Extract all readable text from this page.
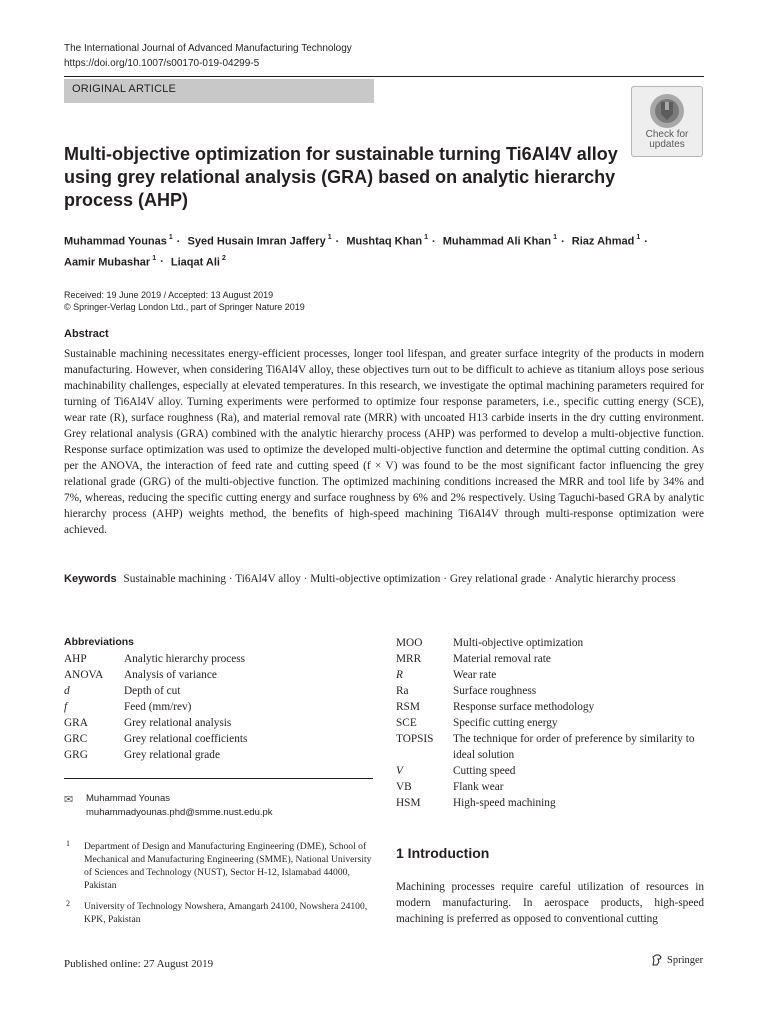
The International Journal of Advanced Manufacturing Technology
https://doi.org/10.1007/s00170-019-04299-5
ORIGINAL ARTICLE
Check for
updates
Multi-objective optimization for sustainable turning Ti6Al4V alloy using grey relational analysis (GRA) based on analytic hierarchy process (AHP)
Muhammad Younas $^1$ · Syed Husain Imran Jaffery $^1$ · Mushtaq Khan $^1$ · Muhammad Ali Khan $^1$ · Riaz Ahmad $^1$ ·
Aamir Mubashar $^1$ · Liaqat Ali $^2$
Received: 19 June 2019 / Accepted: 13 August 2019
© Springer-Verlag London Ltd., part of Springer Nature 2019
Abstract

Sustainable machining necessitates energy-efficient processes, longer tool lifespan, and greater surface integrity of the products in modern manufacturing. However, when considering Ti6Al4V alloy, these objectives turn out to be difficult to achieve as titanium alloys pose serious machinability challenges, especially at elevated temperatures. In this research, we investigate the optimal machining parameters required for turning of Ti6Al4V alloy. Turning experiments were performed to optimize four response parameters, i.e., specific cutting energy (SCE), wear rate (R), surface roughness (Ra), and material removal rate (MRR) with uncoated H13 carbide inserts in the dry cutting environment. Grey relational analysis (GRA) combined with the analytic hierarchy process (AHP) was performed to develop a multi-objective function. Response surface optimization was used to optimize the developed multi-objective function and determine the optimal cutting condition. As per the ANOVA, the interaction of feed rate and cutting speed (f × V) was found to be the most significant factor influencing the grey relational grade (GRG) of the multi-objective function. The optimized machining conditions increased the MRR and tool life by 34% and 7%, whereas, reducing the specific cutting energy and surface roughness by 6% and 2% respectively. Using Taguchi-based GRA by analytic hierarchy process (AHP) weights method, the benefits of high-speed machining Ti6Al4V through multi-response optimization were achieved.

Keywords Sustainable machining · Ti6Al4V alloy · Multi-objective optimization · Grey relational grade · Analytic hierarchy process
Abbreviations
AHP	Analytic hierarchy process
ANOVA	Analysis of variance
d	Depth of cut
f	Feed (mm/rev)
GRA	Grey relational analysis
GRC	Grey relational coefficients
GRG	Grey relational grade
MOO	Multi-objective optimization
MRR	Material removal rate
R	Wear rate
Ra	Surface roughness
RSM	Response surface methodology
SCE	Specific cutting energy
TOPSIS	The technique for order of preference by similarity to ideal solution
V	Cutting speed
VB	Flank wear
HSM	High-speed machining
✉ Muhammad Younas
muhammadyounas.phd@smme.nust.edu.pk
1 Department of Design and Manufacturing Engineering (DME), School of Mechanical and Manufacturing Engineering (SMME), National University of Sciences and Technology (NUST), Sector H-12, Islamabad 44000, Pakistan
2 University of Technology Nowshera, Amangarh 24100, Nowshera 24100, KPK, Pakistan
1 Introduction

Machining processes require careful utilization of resources in modern manufacturing. In aerospace products, high-speed machining is preferred as opposed to conventional cutting

Published online: 27 August 2019	Springer
